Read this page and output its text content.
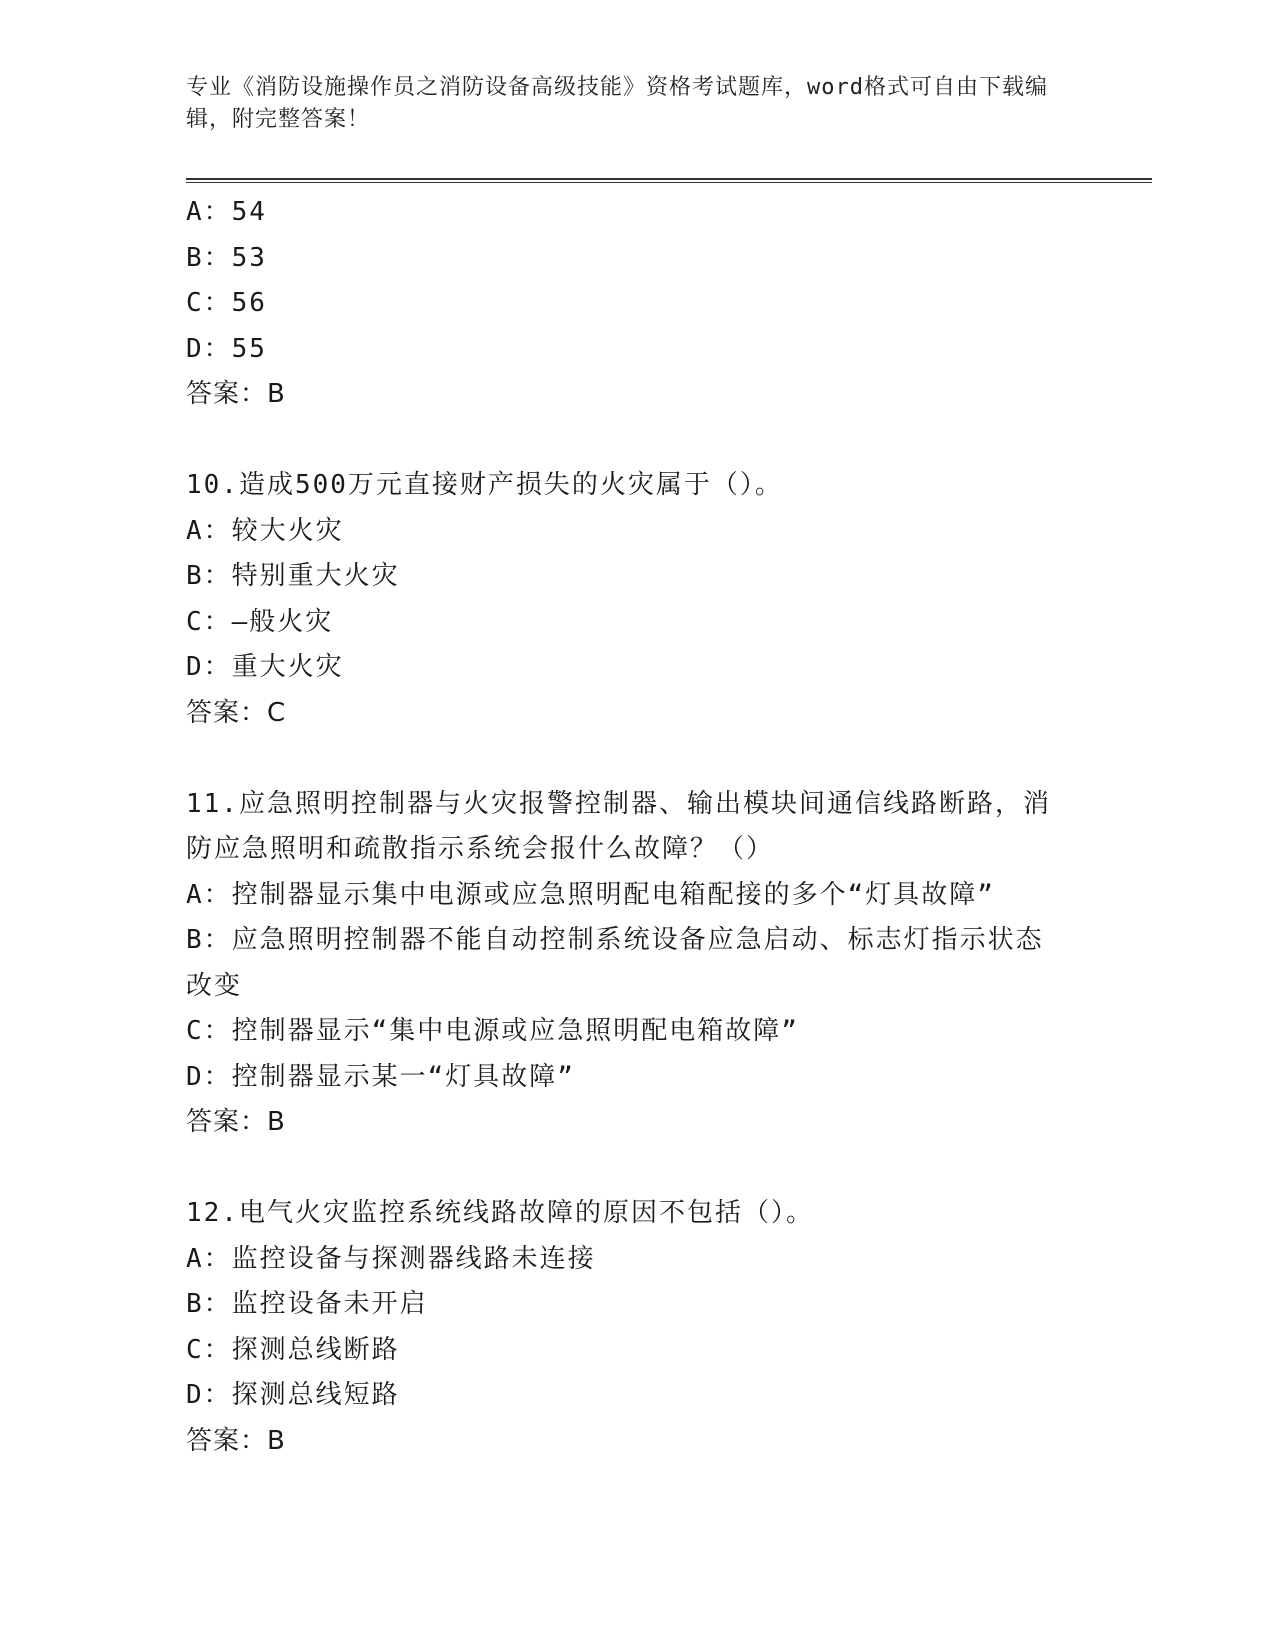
专业《消防设施操作员之消防设备高级技能》资格考试题库，word格式可自由下载编辑，附完整答案！
A：54
B：53
C：56
D：55
答案：B
10.造成500万元直接财产损失的火灾属于（）。
A：较大火灾
B：特别重大火灾
C：—般火灾
D：重大火灾
答案：C
11.应急照明控制器与火灾报警控制器、输出模块间通信线路断路，消
防应急照明和疏散指示系统会报什么故障？（）
A：控制器显示集中电源或应急照明配电箱配接的多个“灯具故障”
B：应急照明控制器不能自动控制系统设备应急启动、标志灯指示状态
改变
C：控制器显示“集中电源或应急照明配电箱故障”
D：控制器显示某一“灯具故障”
答案：B
12.电气火灾监控系统线路故障的原因不包括（）。
A：监控设备与探测器线路未连接
B：监控设备未开启
C：探测总线断路
D：探测总线短路
答案：B
